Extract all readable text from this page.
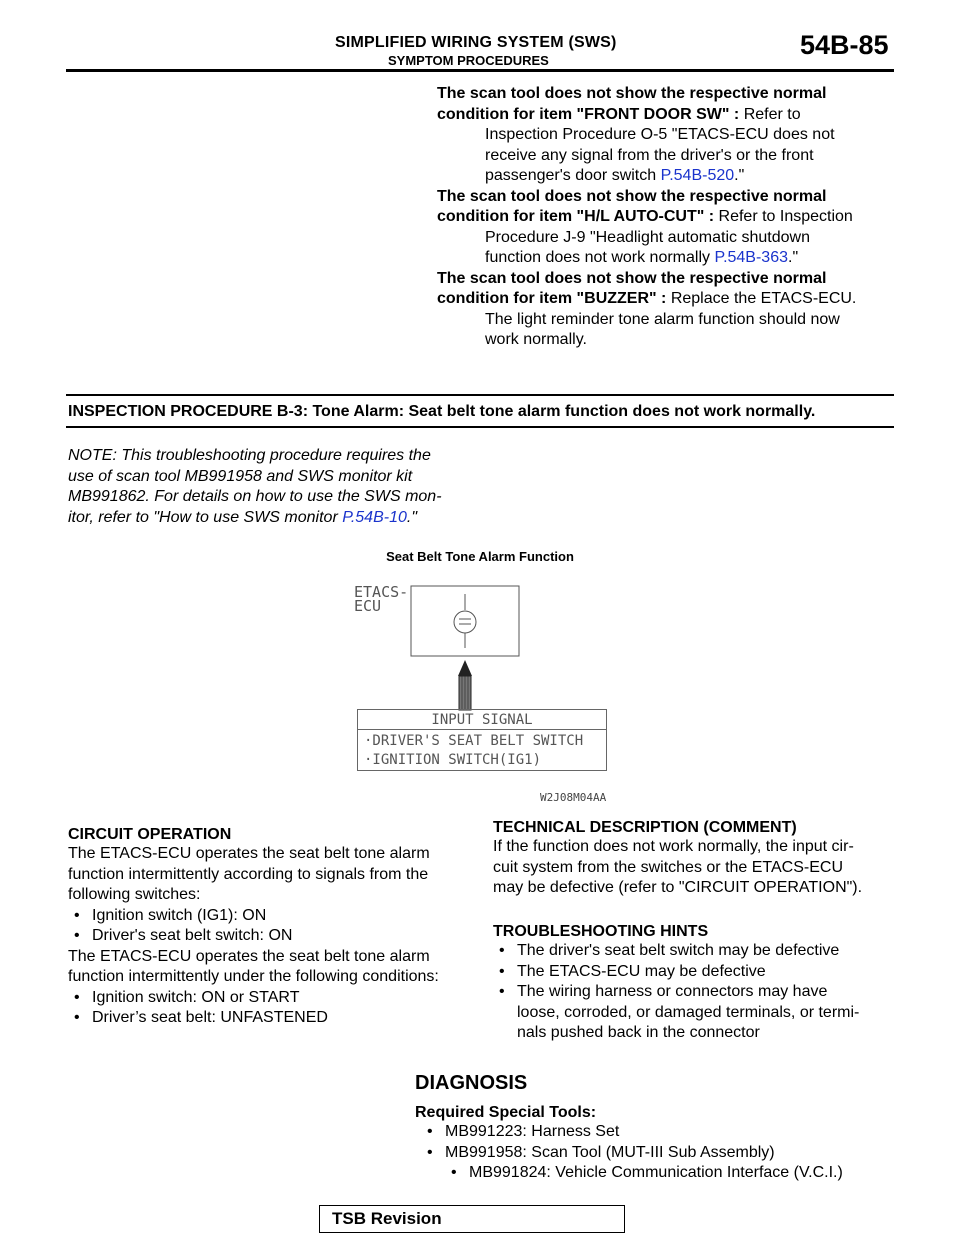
SIMPLIFIED WIRING SYSTEM (SWS)
SYMPTOM PROCEDURES
54B-85
The scan tool does not show the respective normal
condition for item "FRONT DOOR SW" : Refer to
Inspection Procedure O-5 "ETACS-ECU does not
receive any signal from the driver's or the front
passenger's door switch P.54B-520."
The scan tool does not show the respective normal
condition for item "H/L AUTO-CUT" : Refer to Inspection
Procedure J-9 "Headlight automatic shutdown
function does not work normally P.54B-363."
The scan tool does not show the respective normal
condition for item "BUZZER" : Replace the ETACS-ECU.
The light reminder tone alarm function should now
work normally.
INSPECTION PROCEDURE B-3: Tone Alarm: Seat belt tone alarm function does not work normally.
NOTE: This troubleshooting procedure requires the
use of scan tool MB991958 and SWS monitor kit
MB991862. For details on how to use the SWS mon-
itor, refer to "How to use SWS monitor P.54B-10."
Seat Belt Tone Alarm Function
ETACS-
ECU
INPUT SIGNAL
·DRIVER'S SEAT BELT SWITCH
·IGNITION SWITCH(IG1)
W2J08M04AA
CIRCUIT OPERATION
The ETACS-ECU operates the seat belt tone alarm
function intermittently according to signals from the
following switches:
• Ignition switch (IG1): ON
• Driver's seat belt switch: ON
The ETACS-ECU operates the seat belt tone alarm
function intermittently under the following conditions:
• Ignition switch: ON or START
• Driver’s seat belt: UNFASTENED
TECHNICAL DESCRIPTION (COMMENT)
If the function does not work normally, the input cir-
cuit system from the switches or the ETACS-ECU
may be defective (refer to "CIRCUIT OPERATION").
TROUBLESHOOTING HINTS
• The driver's seat belt switch may be defective
• The ETACS-ECU may be defective
• The wiring harness or connectors may have
loose, corroded, or damaged terminals, or termi-
nals pushed back in the connector
DIAGNOSIS
Required Special Tools:
• MB991223: Harness Set
• MB991958: Scan Tool (MUT-III Sub Assembly)
• MB991824: Vehicle Communication Interface (V.C.I.)
TSB Revision
